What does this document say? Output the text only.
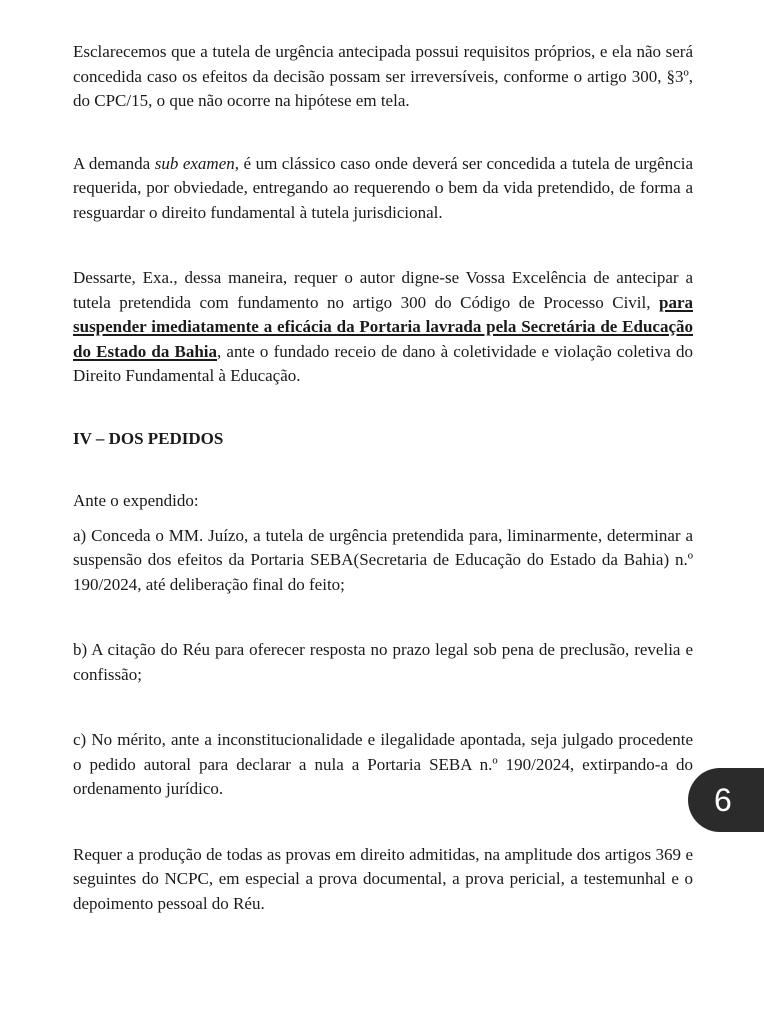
Esclarecemos que a tutela de urgência antecipada possui requisitos próprios, e ela não será concedida caso os efeitos da decisão possam ser irreversíveis, conforme o artigo 300, §3º, do CPC/15, o que não ocorre na hipótese em tela.

A demanda sub examen, é um clássico caso onde deverá ser concedida a tutela de urgência requerida, por obviedade, entregando ao requerendo o bem da vida pretendido, de forma a resguardar o direito fundamental à tutela jurisdicional.

Dessarte, Exa., dessa maneira, requer o autor digne-se Vossa Excelência de antecipar a tutela pretendida com fundamento no artigo 300 do Código de Processo Civil, para suspender imediatamente a eficácia da Portaria lavrada pela Secretária de Educação do Estado da Bahia, ante o fundado receio de dano à coletividade e violação coletiva do Direito Fundamental à Educação.

IV – DOS PEDIDOS

Ante o expendido:

a) Conceda o MM. Juízo, a tutela de urgência pretendida para, liminarmente, determinar a suspensão dos efeitos da Portaria SEBA(Secretaria de Educação do Estado da Bahia) n.º 190/2024, até deliberação final do feito;

b) A citação do Réu para oferecer resposta no prazo legal sob pena de preclusão, revelia e confissão;

c) No mérito, ante a inconstitucionalidade e ilegalidade apontada, seja julgado procedente o pedido autoral para declarar a nula a Portaria SEBA n.º 190/2024, extirpando-a do ordenamento jurídico.

Requer a produção de todas as provas em direito admitidas, na amplitude dos artigos 369 e seguintes do NCPC, em especial a prova documental, a prova pericial, a testemunhal e o depoimento pessoal do Réu.

6
